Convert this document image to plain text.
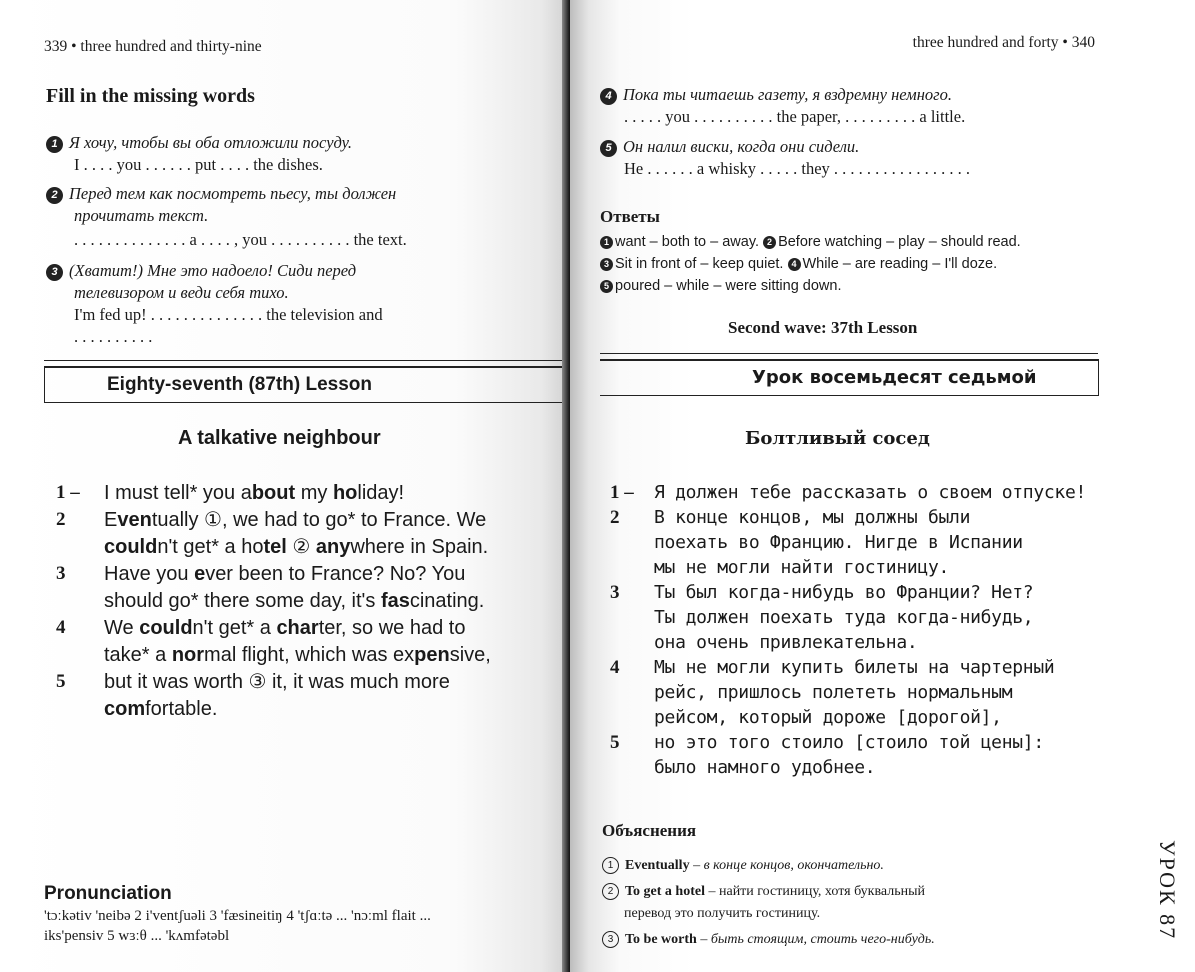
339 • three hundred and thirty-nine
Fill in the missing words
1 Я хочу, чтобы вы оба отложили посуду.
I . . . . you . . . . . . put . . . . the dishes.
2 Перед тем как посмотреть пьесу, ты должен
прочитать текст.
. . . . . . . . . . . . . . a . . . . , you . . . . . . . . . . the text.
3 (Хватит!) Мне это надоело! Сиди перед
телевизором и веди себя тихо.
I'm fed up! . . . . . . . . . . . . . . the television and
. . . . . . . . . .
Eighty-seventh (87th) Lesson
A talkative neighbour
1 – I must tell* you about my holiday!
2 Eventually ①, we had to go* to France. We
couldn't get* a hotel ② anywhere in Spain.
3 Have you ever been to France? No? You
should go* there some day, it's fascinating.
4 We couldn't get* a charter, so we had to
take* a normal flight, which was expensive,
5 but it was worth ③ it, it was much more
comfortable.
Pronunciation
'tɔːkətiv 'neibə 2 i'ventʃuəli 3 'fæsineitiŋ 4 'tʃɑːtə ... 'nɔːml flait ...
iks'pensiv 5 wɜːθ ... 'kʌmfətəbl
three hundred and forty • 340
4 Пока ты читаешь газету, я вздремну немного.
. . . . . you . . . . . . . . . . the paper, . . . . . . . . . a little.
5 Он налил виски, когда они сидели.
He . . . . . . a whisky . . . . . they . . . . . . . . . . . . . . . . .
Ответы
1 want – both to – away. 2 Before watching – play – should read.
3 Sit in front of – keep quiet. 4 While – are reading – I'll doze.
5 poured – while – were sitting down.
Second wave: 37th Lesson
Урок восемьдесят седьмой
Болтливый сосед
1 – Я должен тебе рассказать о своем отпуске!
2 В конце концов, мы должны были
поехать во Францию. Нигде в Испании
мы не могли найти гостиницу.
3 Ты был когда-нибудь во Франции? Нет?
Ты должен поехать туда когда-нибудь,
она очень привлекательна.
4 Мы не могли купить билеты на чартерный
рейс, пришлось полететь нормальным
рейсом, который дороже [дорогой],
5 но это того стоило [стоило той цены]:
было намного удобнее.
Объяснения
1 Eventually – в конце концов, окончательно.
2 To get a hotel – найти гостиницу, хотя буквальный
перевод это получить гостиницу.
3 To be worth – быть стоящим, стоить чего-нибудь.	УРОК 87
